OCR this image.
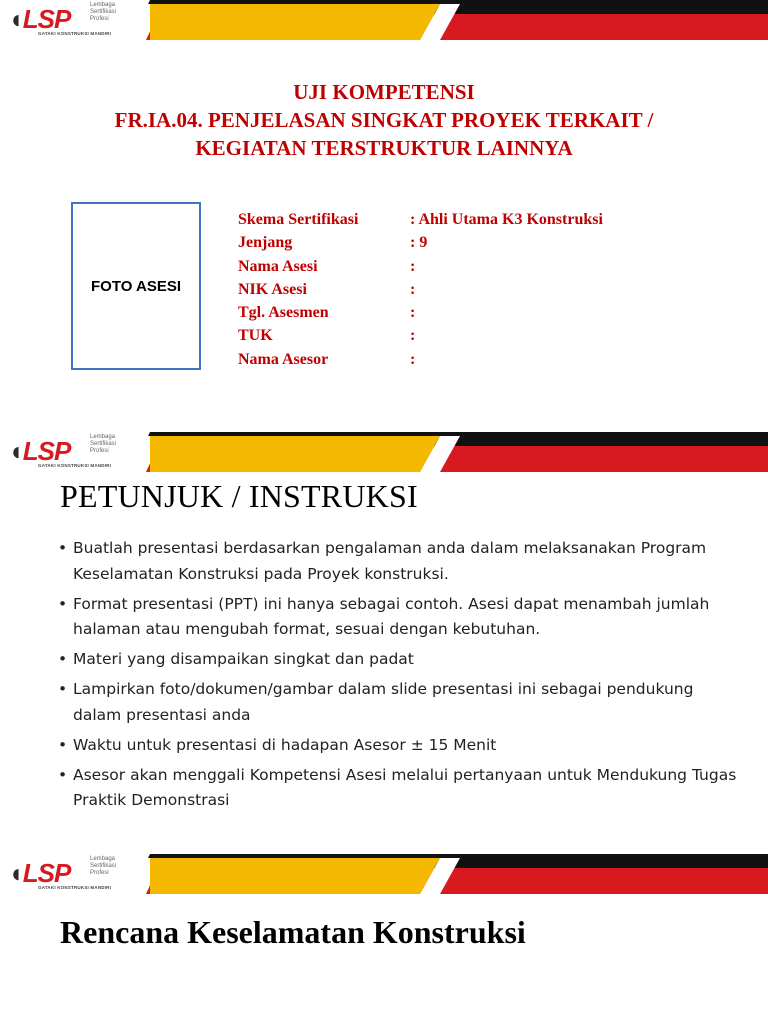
◖LSP	Lembaga
Sertifikasi
Profesi
GATAKI KONSTRUKSI MANDIRI
UJI KOMPETENSI
FR.IA.04. PENJELASAN SINGKAT PROYEK TERKAIT /
KEGIATAN TERSTRUKTUR LAINNYA
FOTO ASESI
Skema Sertifikasi	: Ahli Utama K3 Konstruksi
Jenjang	: 9
Nama Asesi	:
NIK Asesi	:
Tgl. Asesmen	:
TUK	:
Nama Asesor	:
◖LSP	Lembaga
Sertifikasi
Profesi
GATAKI KONSTRUKSI MANDIRI
PETUNJUK / INSTRUKSI
• Buatlah presentasi berdasarkan pengalaman anda dalam melaksanakan Program Keselamatan Konstruksi pada Proyek konstruksi.
• Format presentasi (PPT) ini hanya sebagai contoh. Asesi dapat menambah jumlah halaman atau mengubah format, sesuai dengan kebutuhan.
• Materi yang disampaikan singkat dan padat
• Lampirkan foto/dokumen/gambar dalam slide presentasi ini sebagai pendukung dalam presentasi anda
• Waktu untuk presentasi di hadapan Asesor ± 15 Menit
• Asesor akan menggali Kompetensi Asesi melalui pertanyaan untuk Mendukung Tugas Praktik Demonstrasi
◖LSP	Lembaga
Sertifikasi
Profesi
GATAKI KONSTRUKSI MANDIRI
Rencana Keselamatan Konstruksi
